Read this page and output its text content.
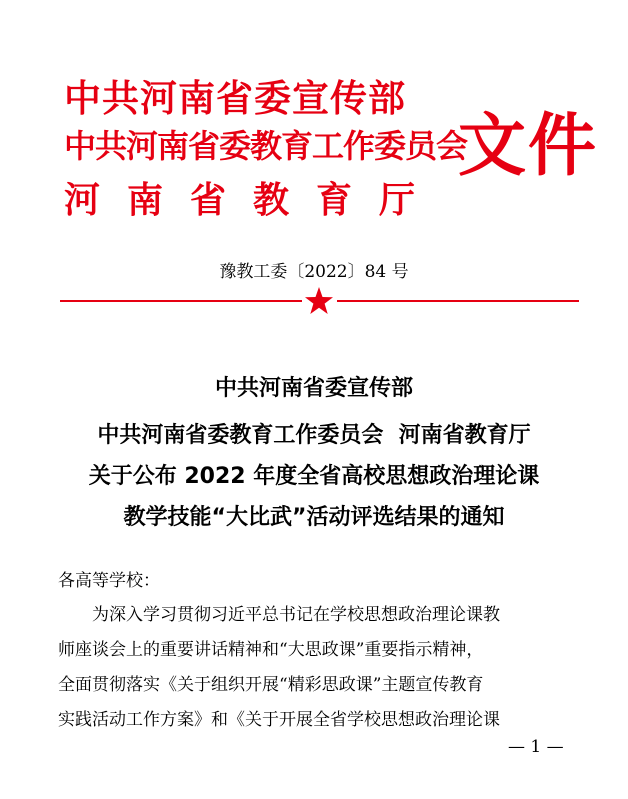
中共河南省委宣传部
中共河南省委教育工作委员会
河南省教育厅
文件
豫教工委〔2022〕84 号
中共河南省委宣传部
中共河南省委教育工作委员会  河南省教育厅
关于公布 2022 年度全省高校思想政治理论课
教学技能“大比武”活动评选结果的通知
各高等学校：
为深入学习贯彻习近平总书记在学校思想政治理论课教
师座谈会上的重要讲话精神和“大思政课”重要指示精神，
全面贯彻落实《关于组织开展“精彩思政课”主题宣传教育
实践活动工作方案》和《关于开展全省学校思想政治理论课
— 1 —
